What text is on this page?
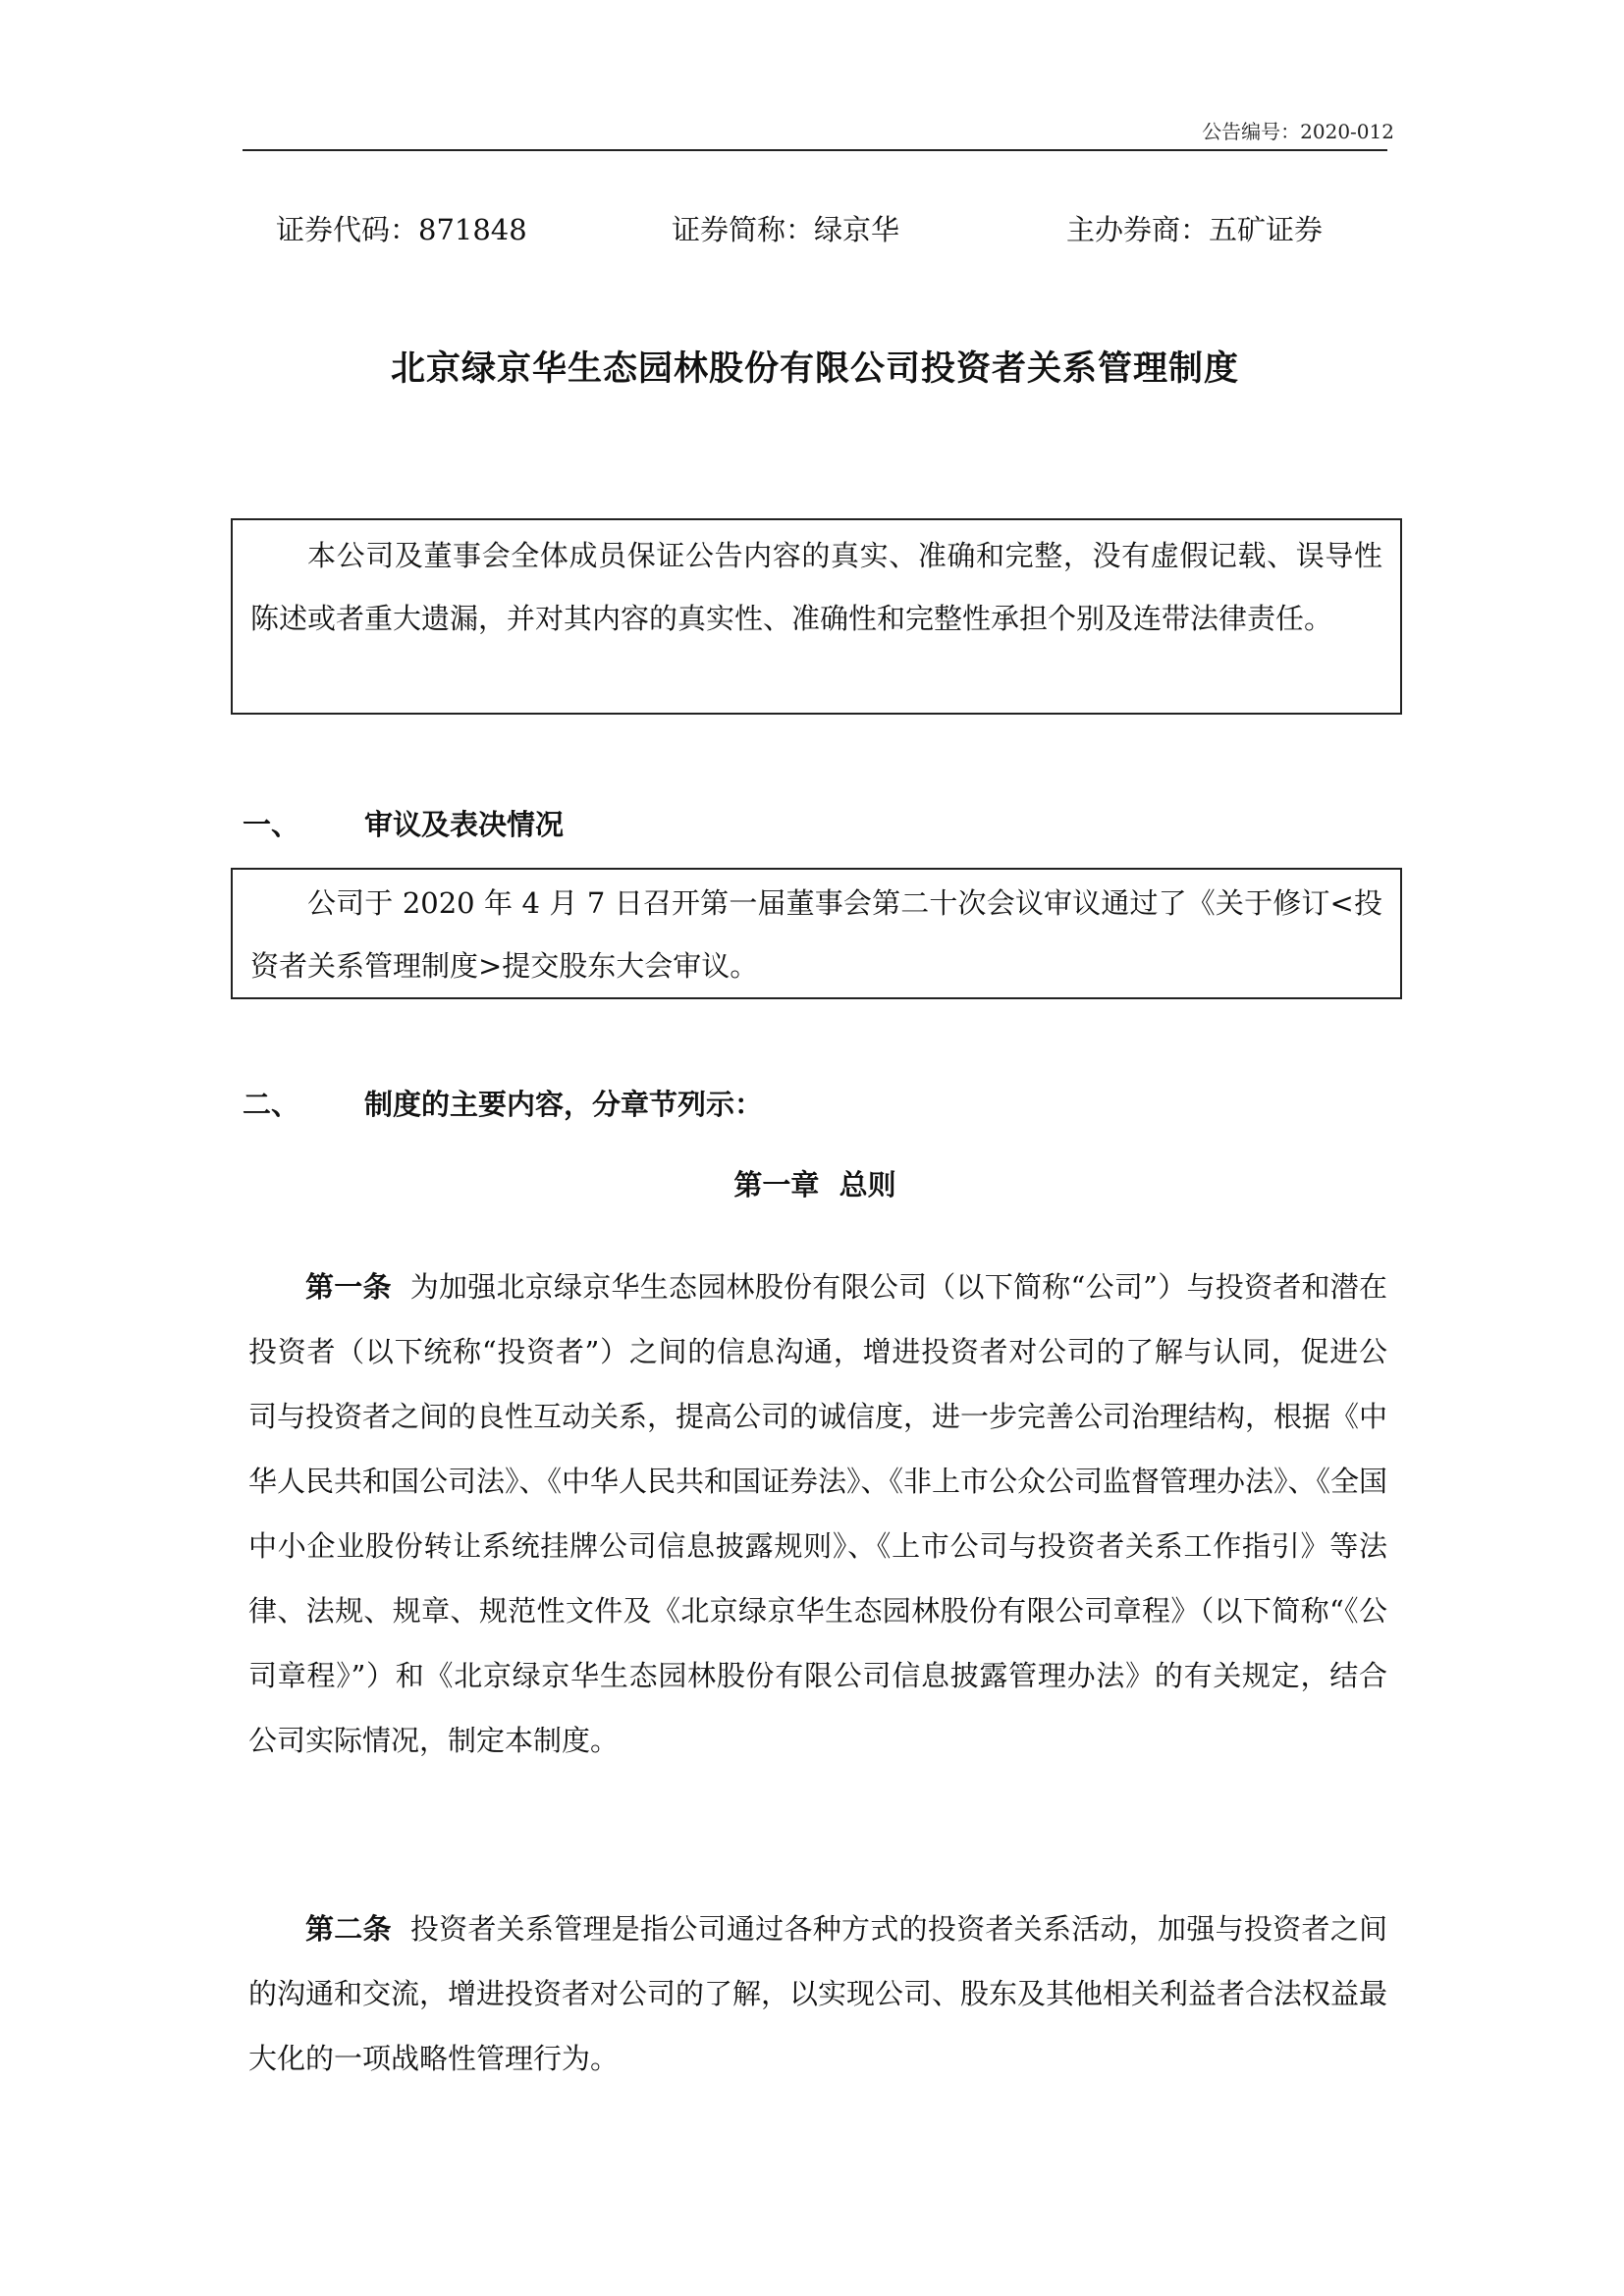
公告编号：2020-012
证券代码：871848	证券简称：绿京华	主办券商：五矿证券
北京绿京华生态园林股份有限公司投资者关系管理制度

本公司及董事会全体成员保证公告内容的真实、准确和完整，没有虚假记载、误导性陈述或者重大遗漏，并对其内容的真实性、准确性和完整性承担个别及连带法律责任。

一、 审议及表决情况

公司于 2020 年 4 月 7 日召开第一届董事会第二十次会议审议通过了《关于修订<投资者关系管理制度>提交股东大会审议。

二、 制度的主要内容，分章节列示：
第一章  总则

第一条 为加强北京绿京华生态园林股份有限公司（以下简称“公司”）与投资者和潜在投资者（以下统称“投资者”）之间的信息沟通，增进投资者对公司的了解与认同，促进公司与投资者之间的良性互动关系，提高公司的诚信度，进一步完善公司治理结构，根据《中华人民共和国公司法》、《中华人民共和国证券法》、《非上市公众公司监督管理办法》、《全国中小企业股份转让系统挂牌公司信息披露规则》、《上市公司与投资者关系工作指引》等法律、法规、规章、规范性文件及《北京绿京华生态园林股份有限公司章程》（以下简称“《公司章程》”）和《北京绿京华生态园林股份有限公司信息披露管理办法》的有关规定，结合公司实际情况，制定本制度。

第二条 投资者关系管理是指公司通过各种方式的投资者关系活动，加强与投资者之间的沟通和交流，增进投资者对公司的了解，以实现公司、股东及其他相关利益者合法权益最大化的一项战略性管理行为。
